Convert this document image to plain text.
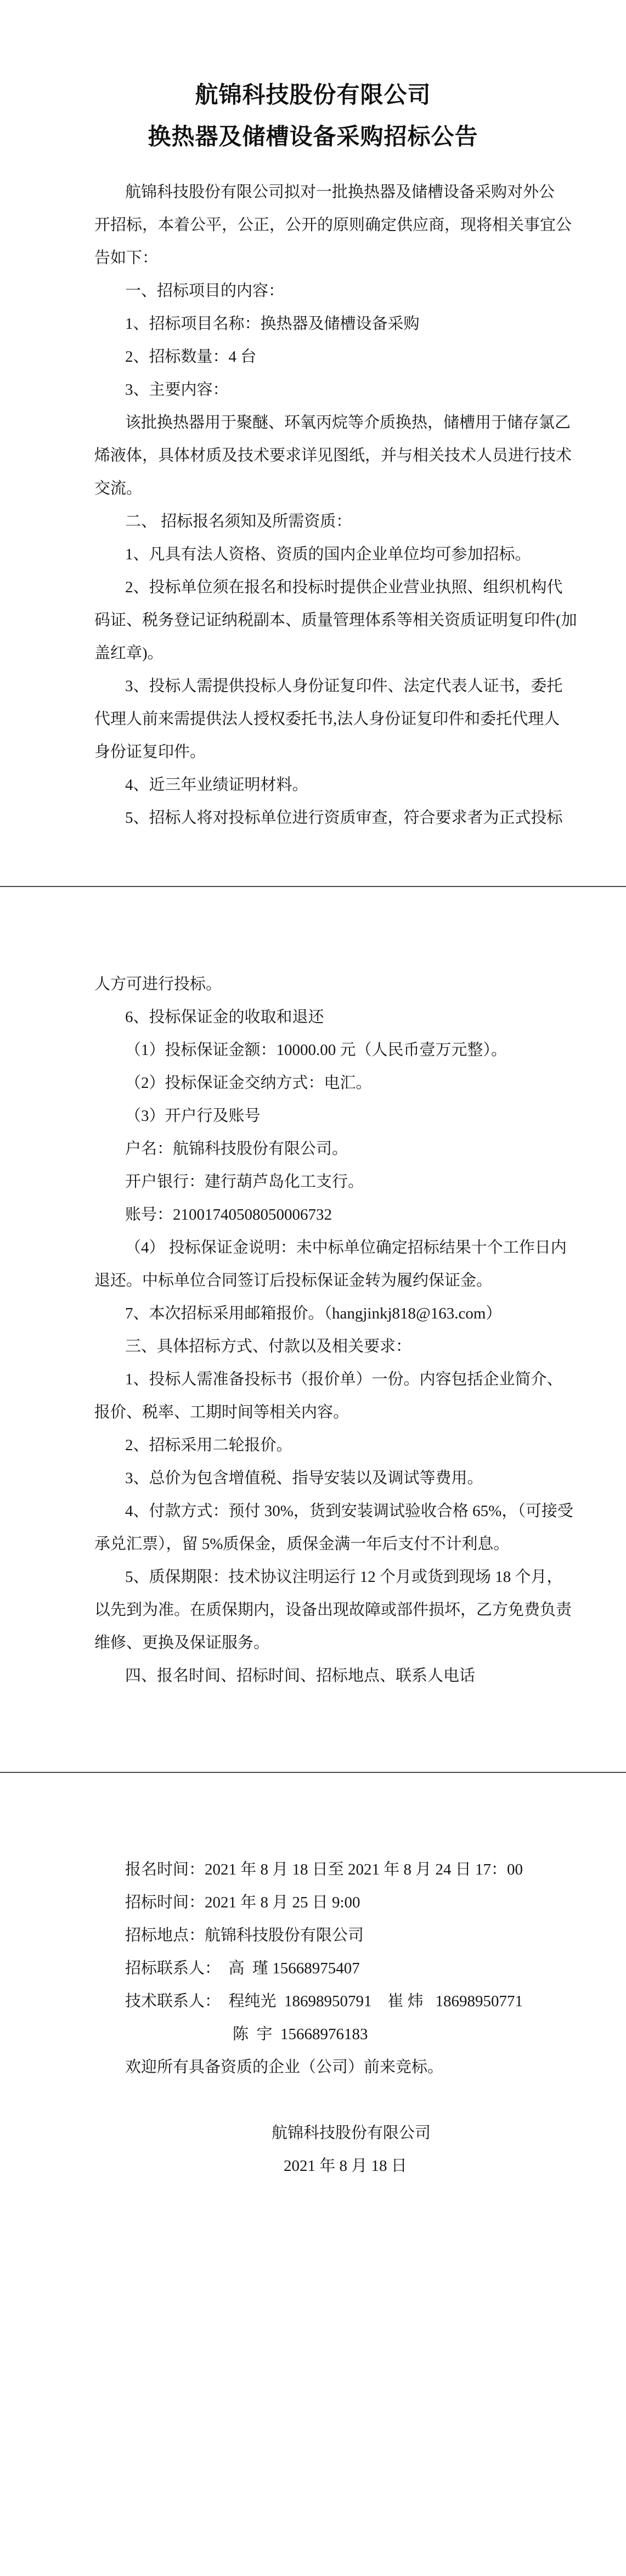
航锦科技股份有限公司
换热器及储槽设备采购招标公告
航锦科技股份有限公司拟对一批换热器及储槽设备采购对外公
开招标，本着公平，公正，公开的原则确定供应商，现将相关事宜公
告如下：
一、招标项目的内容：
1、招标项目名称：换热器及储槽设备采购
2、招标数量：4 台
3、主要内容：
该批换热器用于聚醚、环氧丙烷等介质换热，储槽用于储存氯乙
烯液体，具体材质及技术要求详见图纸，并与相关技术人员进行技术
交流。
二、 招标报名须知及所需资质：
1、凡具有法人资格、资质的国内企业单位均可参加招标。
2、投标单位须在报名和投标时提供企业营业执照、组织机构代
码证、税务登记证纳税副本、质量管理体系等相关资质证明复印件(加
盖红章)。
3、投标人需提供投标人身份证复印件、法定代表人证书，委托
代理人前来需提供法人授权委托书,法人身份证复印件和委托代理人
身份证复印件。
4、近三年业绩证明材料。
5、招标人将对投标单位进行资质审查，符合要求者为正式投标
人方可进行投标。
6、投标保证金的收取和退还
（1）投标保证金额：10000.00 元（人民币壹万元整）。
（2）投标保证金交纳方式：电汇。
（3）开户行及账号
户名：航锦科技股份有限公司。
开户银行：建行葫芦岛化工支行。
账号：21001740508050006732
（4） 投标保证金说明：未中标单位确定招标结果十个工作日内
退还。中标单位合同签订后投标保证金转为履约保证金。
7、本次招标采用邮箱报价。（hangjinkj818@163.com）
三、具体招标方式、付款以及相关要求：
1、投标人需准备投标书（报价单）一份。内容包括企业简介、
报价、税率、工期时间等相关内容。
2、招标采用二轮报价。
3、总价为包含增值税、指导安装以及调试等费用。
4、付款方式：预付 30%，货到安装调试验收合格 65%，（可接受
承兑汇票），留 5%质保金，质保金满一年后支付不计利息。
5、质保期限：技术协议注明运行 12 个月或货到现场 18 个月，
以先到为准。在质保期内，设备出现故障或部件损坏，乙方免费负责
维修、更换及保证服务。
四、报名时间、招标时间、招标地点、联系人电话
报名时间：2021 年 8 月 18 日至 2021 年 8 月 24 日 17：00
招标时间：2021 年 8 月 25 日 9:00
招标地点：航锦科技股份有限公司
招标联系人：  高  瑾 15668975407
技术联系人：  程纯光  18698950791    崔 炜   18698950771
陈  宇  15668976183
欢迎所有具备资质的企业（公司）前来竞标。
航锦科技股份有限公司
2021 年 8 月 18 日
